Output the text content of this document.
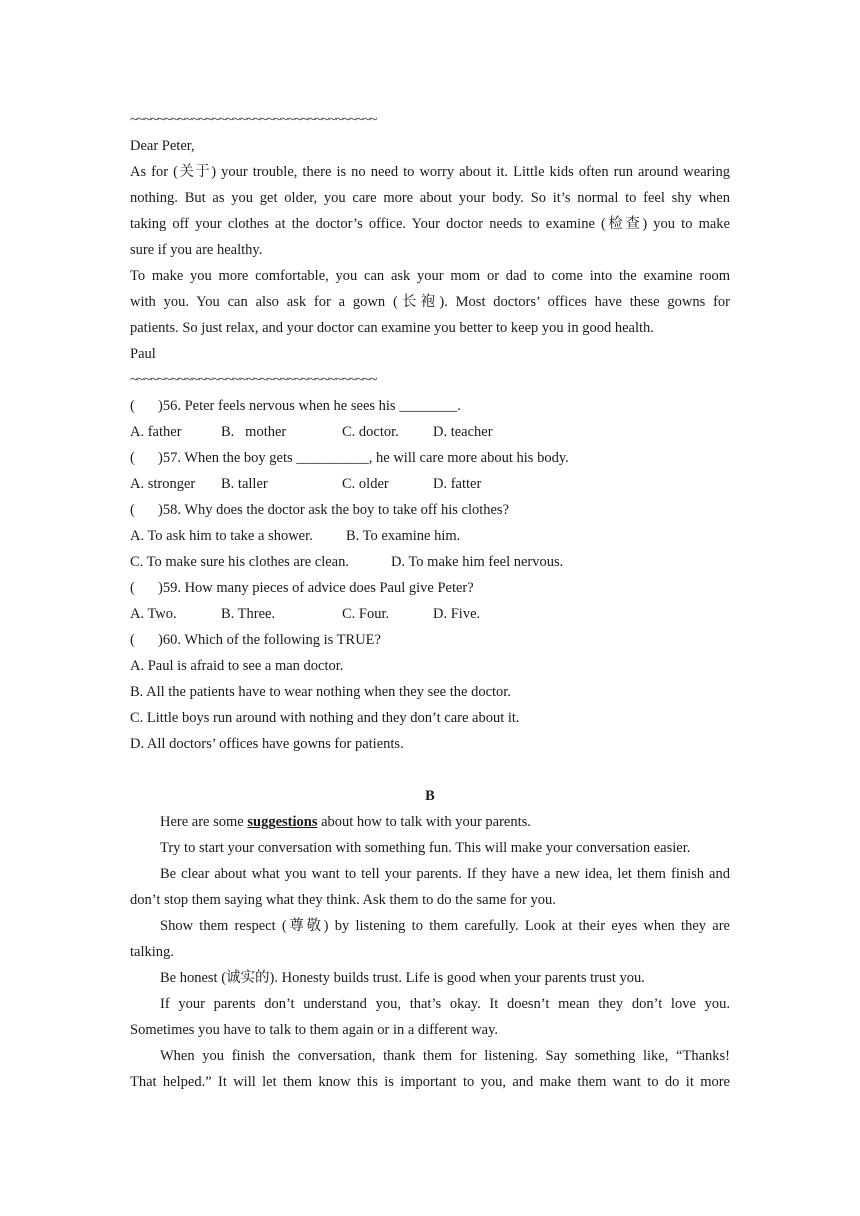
~~~~~~~~~~~~~~~~~~~~~~~~~~~~~~~~~~~~
Dear Peter,
As for (关于) your trouble, there is no need to worry about it. Little kids often run around wearing
nothing. But as you get older, you care more about your body. So it’s normal to feel shy when
taking off your clothes at the doctor’s office. Your doctor needs to examine (检查) you to make
sure if you are healthy.
To make you more comfortable, you can ask your mom or dad to come into the examine room
with you. You can also ask for a gown (长袍). Most doctors’ offices have these gowns for
patients. So just relax, and your doctor can examine you better to keep you in good health.
Paul
~~~~~~~~~~~~~~~~~~~~~~~~~~~~~~~~~~~~
( )56. Peter feels nervous when he sees his ________.
A. father	B.   mother	C. doctor.	D. teacher
( )57. When the boy gets __________, he will care more about his body.
A. stronger	B. taller	C. older	D. fatter
( )58. Why does the doctor ask the boy to take off his clothes?
A. To ask him to take a shower.	B. To examine him.
C. To make sure his clothes are clean.	D. To make him feel nervous.
( )59. How many pieces of advice does Paul give Peter?
A. Two.	B. Three.	C. Four.	D. Five.
( )60. Which of the following is TRUE?
A. Paul is afraid to see a man doctor.
B. All the patients have to wear nothing when they see the doctor.
C. Little boys run around with nothing and they don’t care about it.
D. All doctors’ offices have gowns for patients.
B
Here are some suggestions about how to talk with your parents.
Try to start your conversation with something fun. This will make your conversation easier.
Be clear about what you want to tell your parents. If they have a new idea, let them finish and
don’t stop them saying what they think. Ask them to do the same for you.
Show them respect (尊敬) by listening to them carefully. Look at their eyes when they are
talking.
Be honest (诚实的). Honesty builds trust. Life is good when your parents trust you.
If your parents don’t understand you, that’s okay. It doesn’t mean they don’t love you.
Sometimes you have to talk to them again or in a different way.
When you finish the conversation, thank them for listening. Say something like, “Thanks!
That helped.” It will let them know this is important to you, and make them want to do it more
